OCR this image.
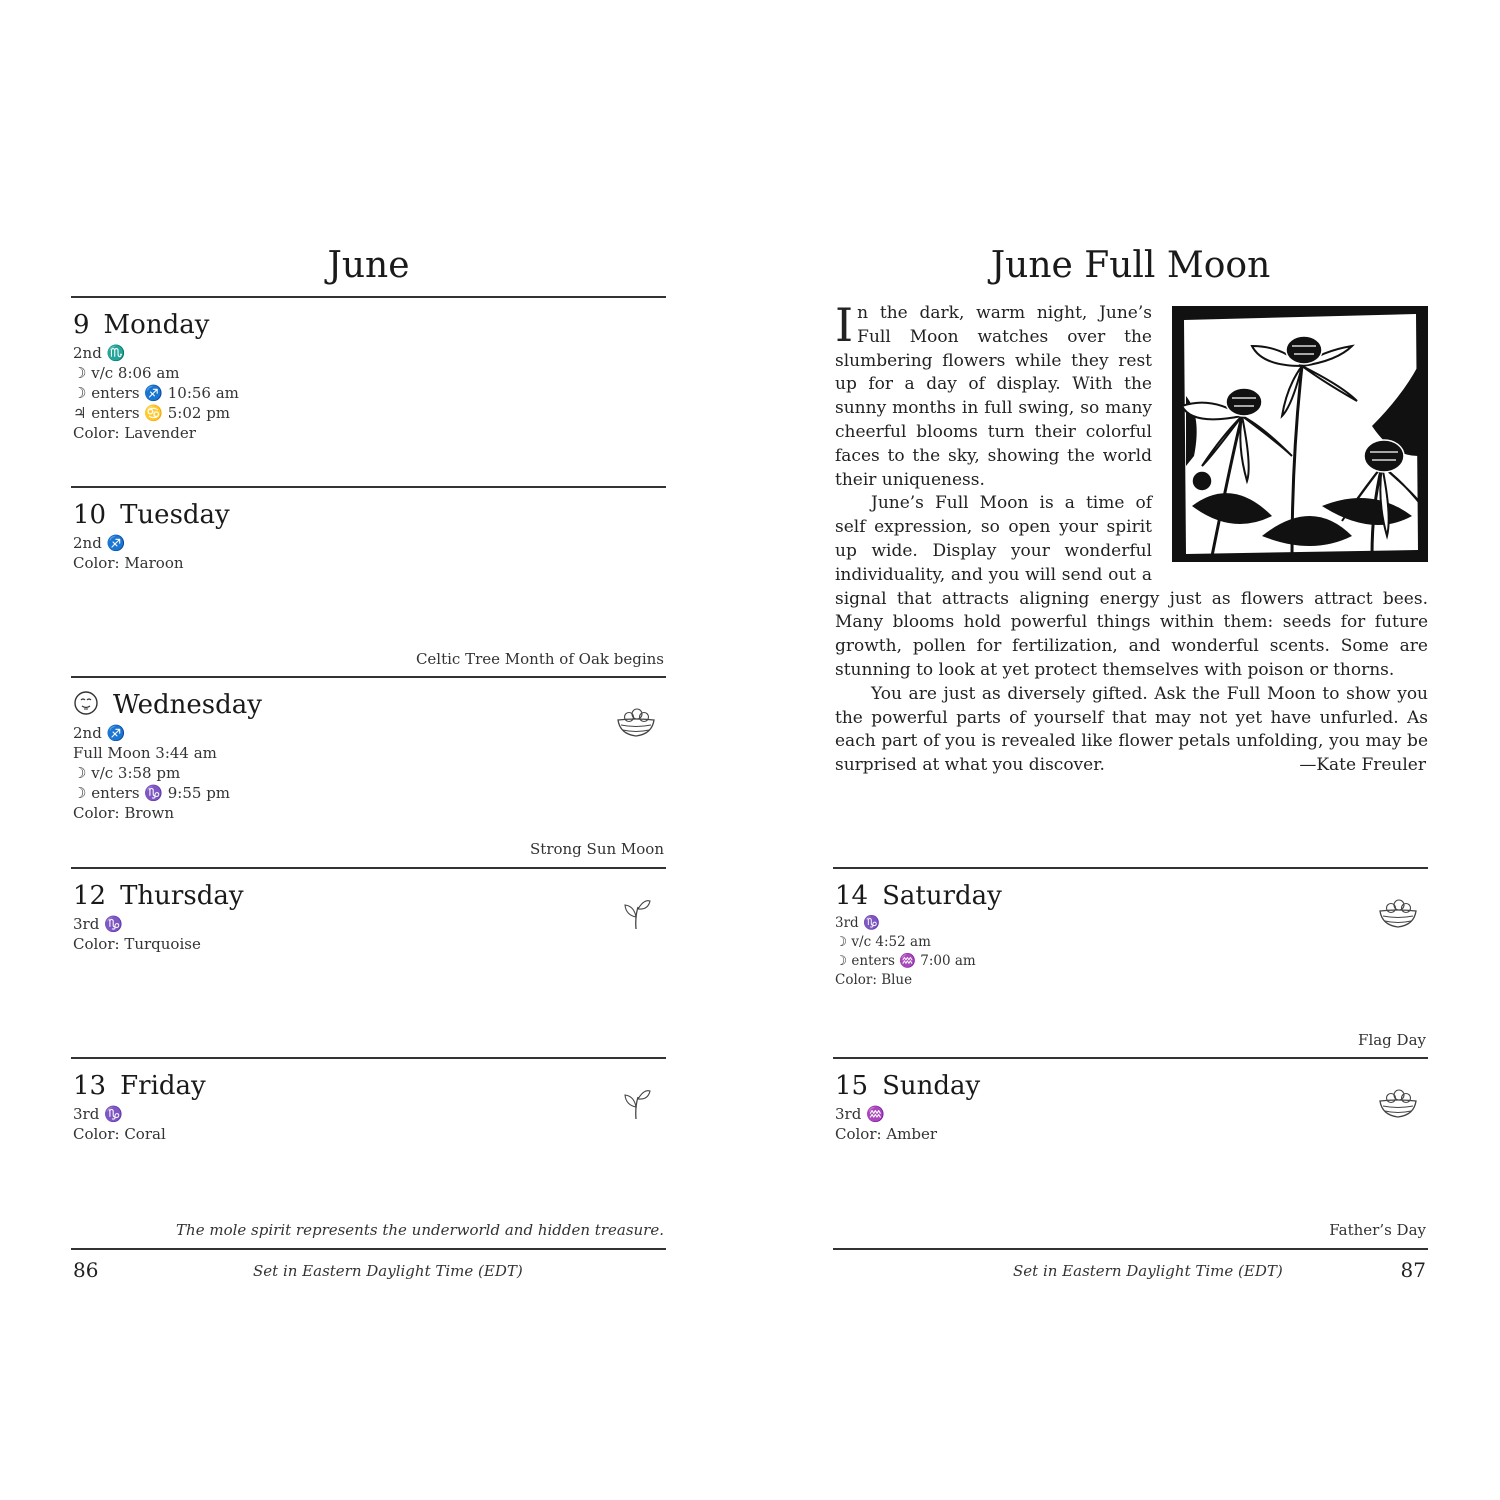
June
9 Monday
2nd ♏
☽ v/c 8:06 am
☽ enters ♐ 10:56 am
♃ enters ♋ 5:02 pm
Color: Lavender
10 Tuesday
2nd ♐
Color: Maroon
Celtic Tree Month of Oak begins
Wednesday
2nd ♐
Full Moon 3:44 am
☽ v/c 3:58 pm
☽ enters ♑ 9:55 pm
Color: Brown
Strong Sun Moon
12 Thursday
3rd ♑
Color: Turquoise
13 Friday
3rd ♑
Color: Coral
The mole spirit represents the underworld and hidden treasure.
86	Set in Eastern Daylight Time (EDT)
June Full Moon

In the dark, warm night, June’s Full Moon watches over the slumbering flowers while they rest up for a day of display. With the sunny months in full swing, so many cheerful blooms turn their colorful faces to the sky, showing the world their uniqueness.

June’s Full Moon is a time of self expression, so open your spirit up wide. Display your wonderful individuality, and you will send out a signal that attracts aligning energy just as flowers attract bees. Many blooms hold powerful things within them: seeds for future growth, pollen for fertilization, and wonderful scents. Some are stunning to look at yet protect themselves with poison or thorns.

You are just as diversely gifted. Ask the Full Moon to show you the powerful parts of yourself that may not yet have unfurled. As each part of you is revealed like flower petals unfolding, you may be surprised at what you discover.	—Kate Freuler
14 Saturday
3rd ♑
☽ v/c 4:52 am
☽ enters ♒ 7:00 am
Color: Blue
Flag Day
15 Sunday
3rd ♒
Color: Amber
Father’s Day
Set in Eastern Daylight Time (EDT)	87
